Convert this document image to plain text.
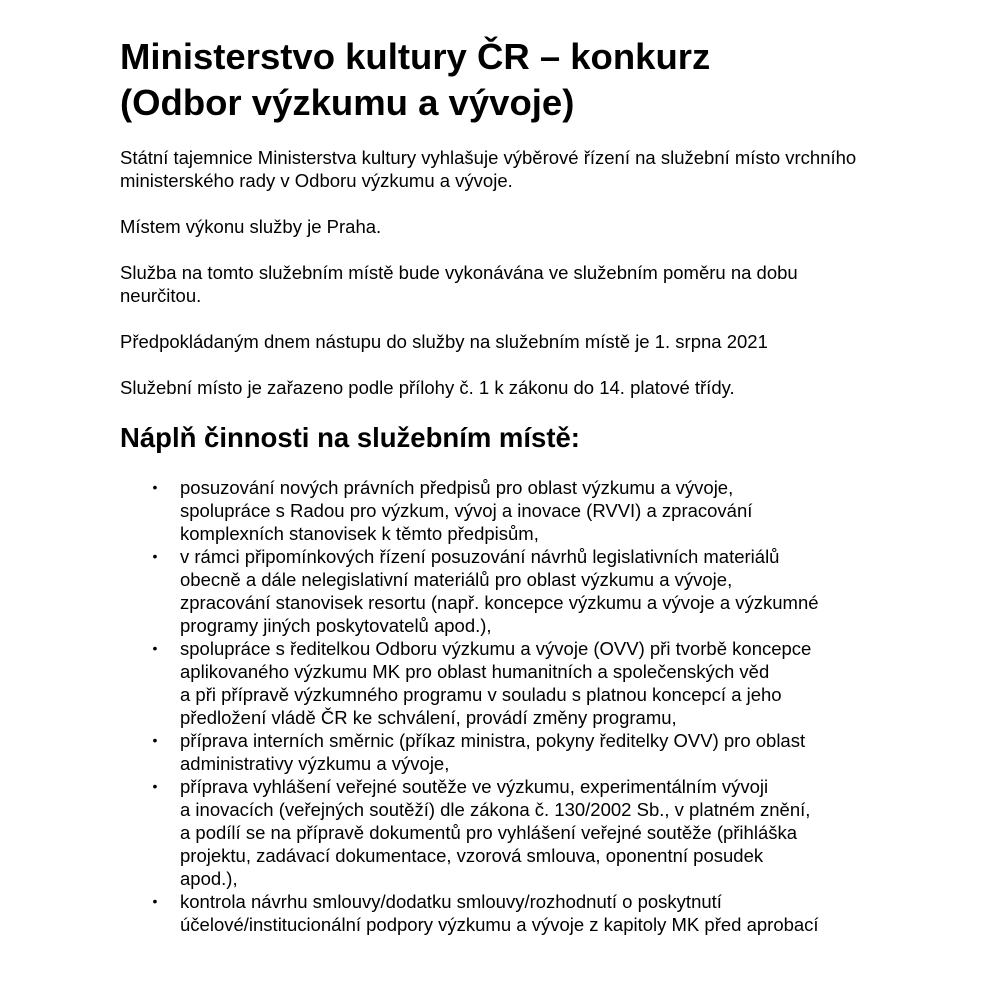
Ministerstvo kultury ČR – konkurz
(Odbor výzkumu a vývoje)

Státní tajemnice Ministerstva kultury vyhlašuje výběrové řízení na služební místo vrchního ministerského rady v Odboru výzkumu a vývoje.

Místem výkonu služby je Praha.

Služba na tomto služebním místě bude vykonávána ve služebním poměru na dobu neurčitou.

Předpokládaným dnem nástupu do služby na služebním místě je 1. srpna 2021

Služební místo je zařazeno podle přílohy č. 1 k zákonu do 14. platové třídy.

Náplň činnosti na služebním místě:
• posuzování nových právních předpisů pro oblast výzkumu a vývoje,
spolupráce s Radou pro výzkum, vývoj a inovace (RVVI) a zpracování
komplexních stanovisek k těmto předpisům,
• v rámci připomínkových řízení posuzování návrhů legislativních materiálů
obecně a dále nelegislativní materiálů pro oblast výzkumu a vývoje,
zpracování stanovisek resortu (např. koncepce výzkumu a vývoje a výzkumné
programy jiných poskytovatelů apod.),
• spolupráce s ředitelkou Odboru výzkumu a vývoje (OVV) při tvorbě koncepce
aplikovaného výzkumu MK pro oblast humanitních a společenských věd
a při přípravě výzkumného programu v souladu s platnou koncepcí a jeho
předložení vládě ČR ke schválení, provádí změny programu,
• příprava interních směrnic (příkaz ministra, pokyny ředitelky OVV) pro oblast
administrativy výzkumu a vývoje,
• příprava vyhlášení veřejné soutěže ve výzkumu, experimentálním vývoji
a inovacích (veřejných soutěží) dle zákona č. 130/2002 Sb., v platném znění,
a podílí se na přípravě dokumentů pro vyhlášení veřejné soutěže (přihláška
projektu, zadávací dokumentace, vzorová smlouva, oponentní posudek
apod.),
• kontrola návrhu smlouvy/dodatku smlouvy/rozhodnutí o poskytnutí
účelové/institucionální podpory výzkumu a vývoje z kapitoly MK před aprobací
